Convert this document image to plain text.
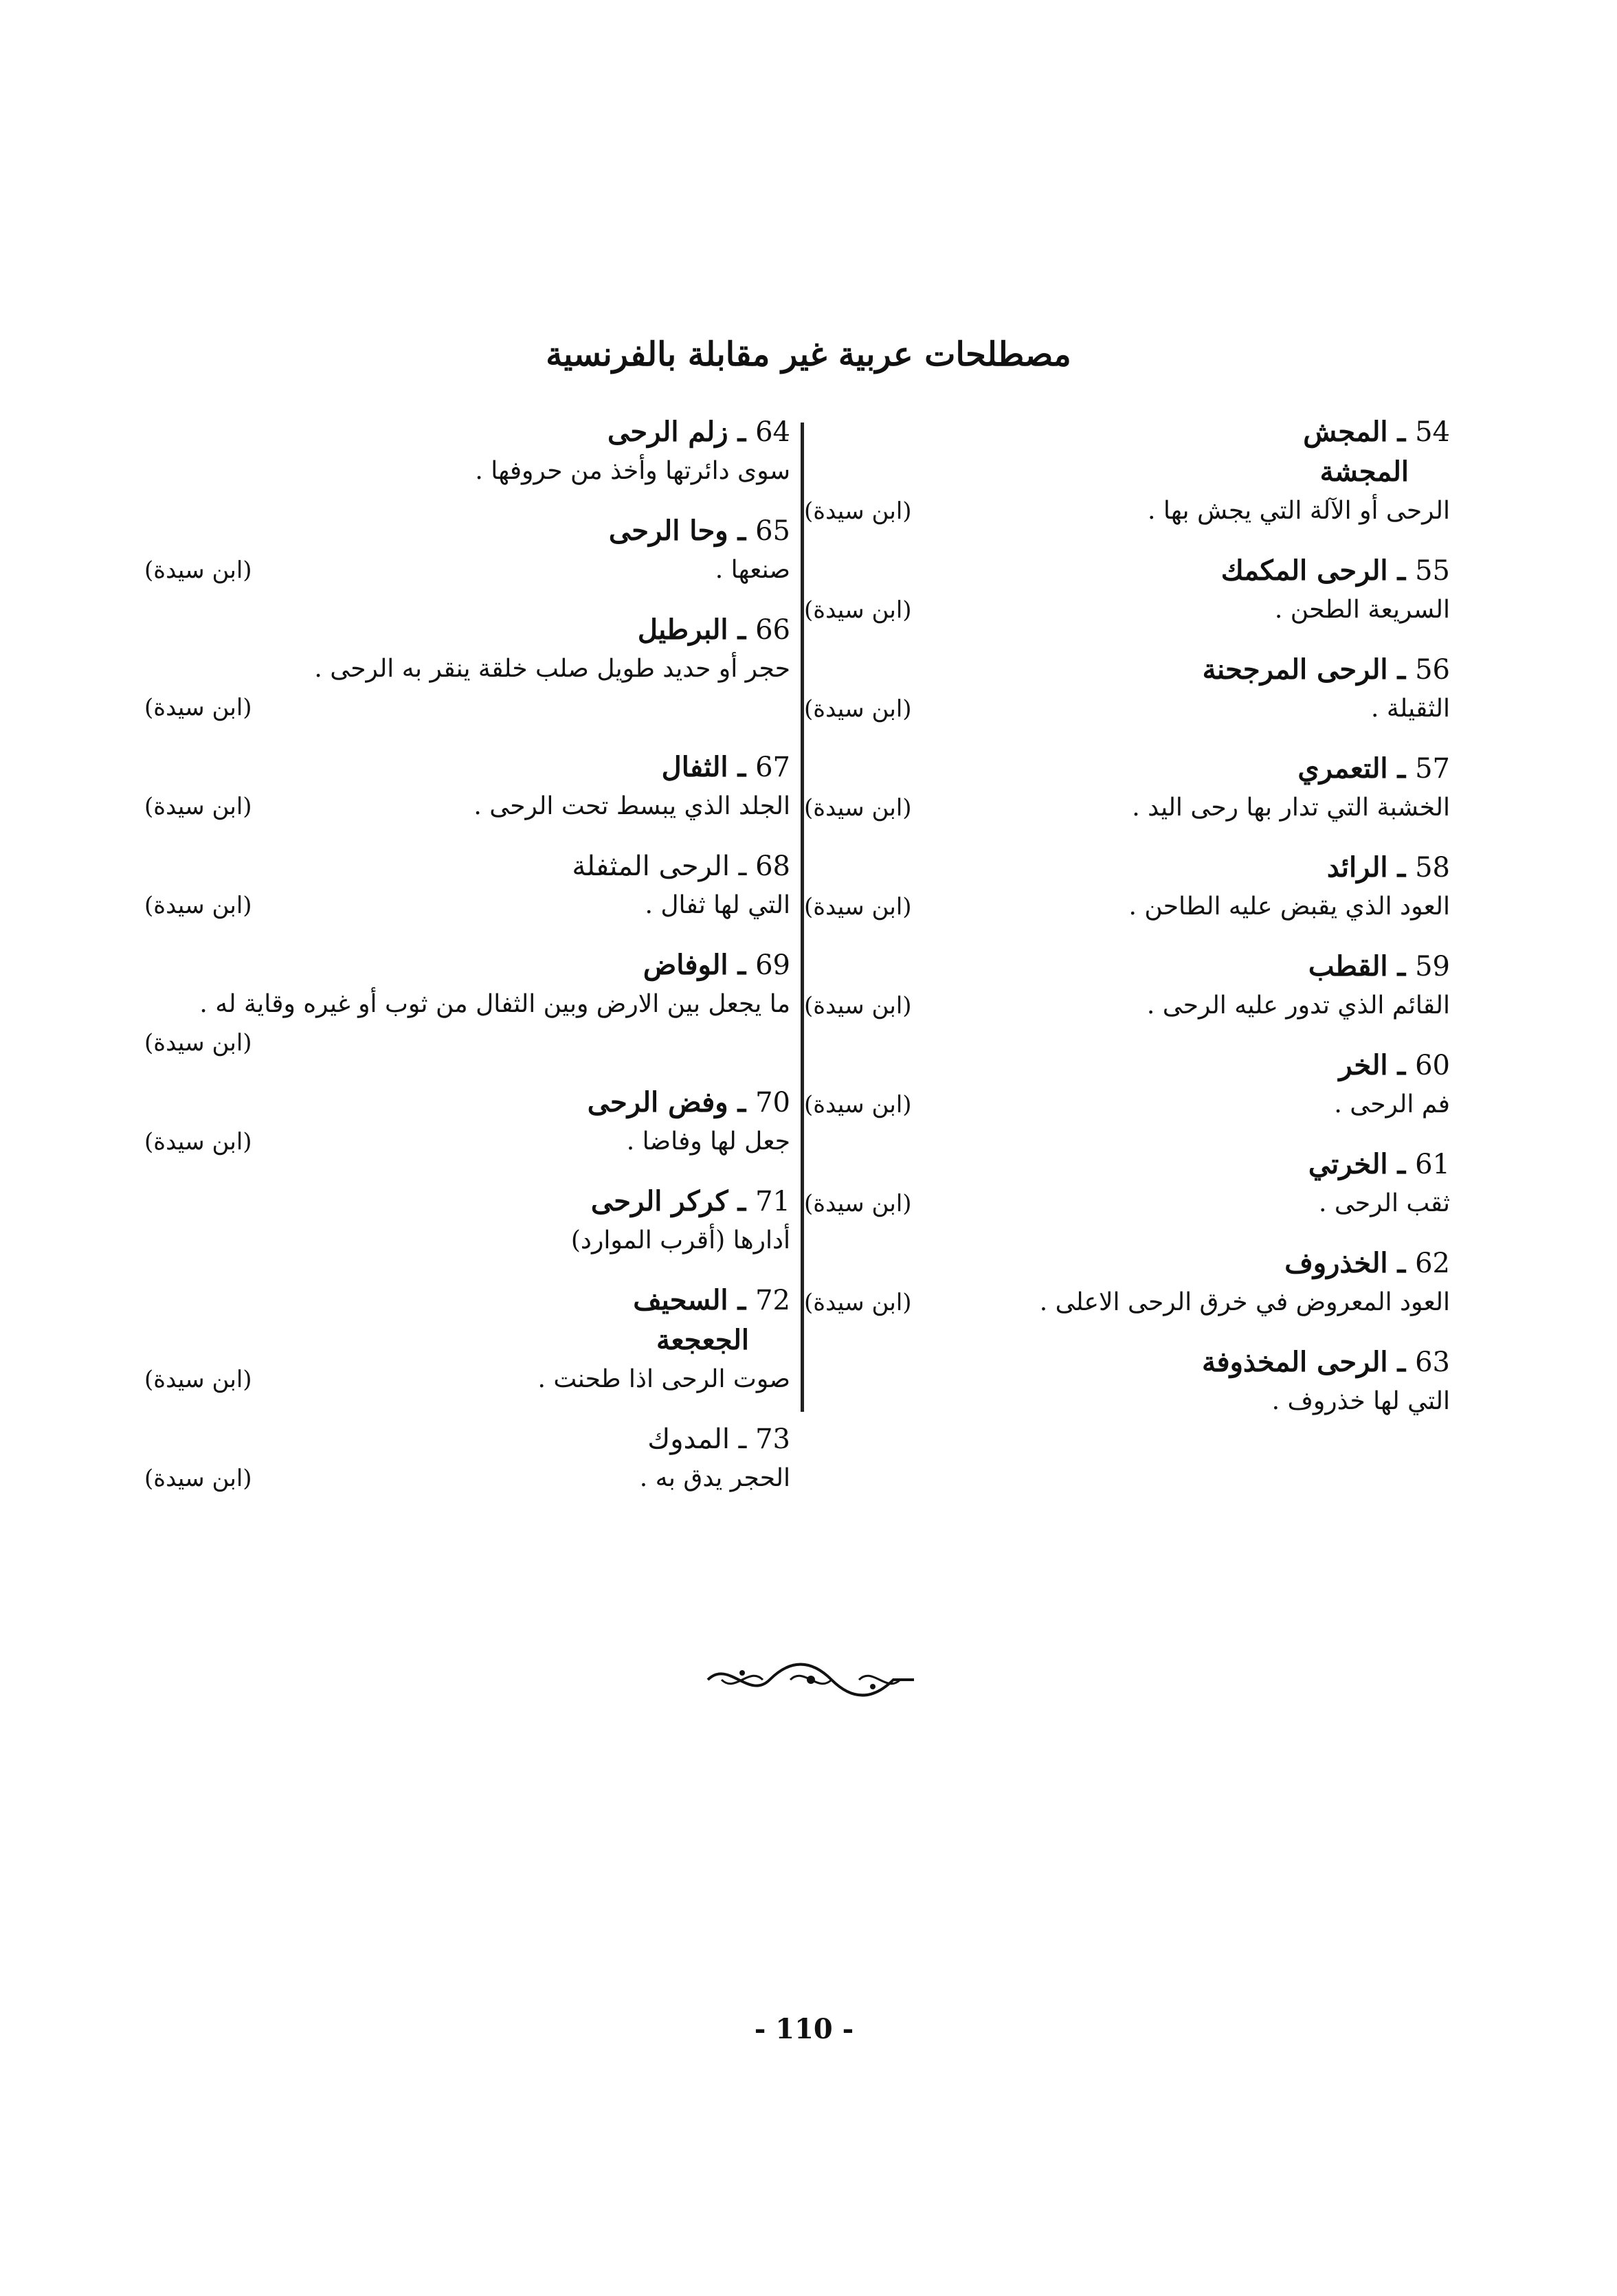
مصطلحات عربية غير مقابلة بالفرنسية
54 ـ المجش
المجشة
الرحى أو الآلة التي يجش بها .
(ابن سيدة)
55 ـ الرحى المكمك
السريعة الطحن .
(ابن سيدة)
56 ـ الرحى المرجحنة
الثقيلة .
(ابن سيدة)
57 ـ التعمري
الخشبة التي تدار بها رحى اليد .
(ابن سيدة)
58 ـ الرائد
العود الذي يقبض عليه الطاحن .
(ابن سيدة)
59 ـ القطب
القائم الذي تدور عليه الرحى .
(ابن سيدة)
60 ـ الخر
فم الرحى .
(ابن سيدة)
61 ـ الخرتي
ثقب الرحى .
(ابن سيدة)
62 ـ الخذروف
العود المعروض في خرق الرحى الاعلى .
(ابن سيدة)
63 ـ الرحى المخذوفة
التي لها خذروف .
64 ـ زلم الرحى
سوى دائرتها وأخذ من حروفها .
65 ـ وحا الرحى
صنعها .
(ابن سيدة)
66 ـ البرطيل
حجر أو حديد طويل صلب خلقة ينقر به الرحى .
(ابن سيدة)
67 ـ الثفال
الجلد الذي يبسط تحت الرحى .
(ابن سيدة)
68 ـ الرحى المثفلة
التي لها ثفال .
(ابن سيدة)
69 ـ الوفاض
ما يجعل بين الارض وبين الثفال من ثوب أو غيره وقاية له .
(ابن سيدة)
70 ـ وفض الرحى
جعل لها وفاضا .
(ابن سيدة)
71 ـ كركر الرحى
أدارها (أقرب الموارد)
72 ـ السحيف
الجعجعة
صوت الرحى اذا طحنت .
(ابن سيدة)
73 ـ المدوك
الحجر يدق به .
(ابن سيدة)
- 110 -
